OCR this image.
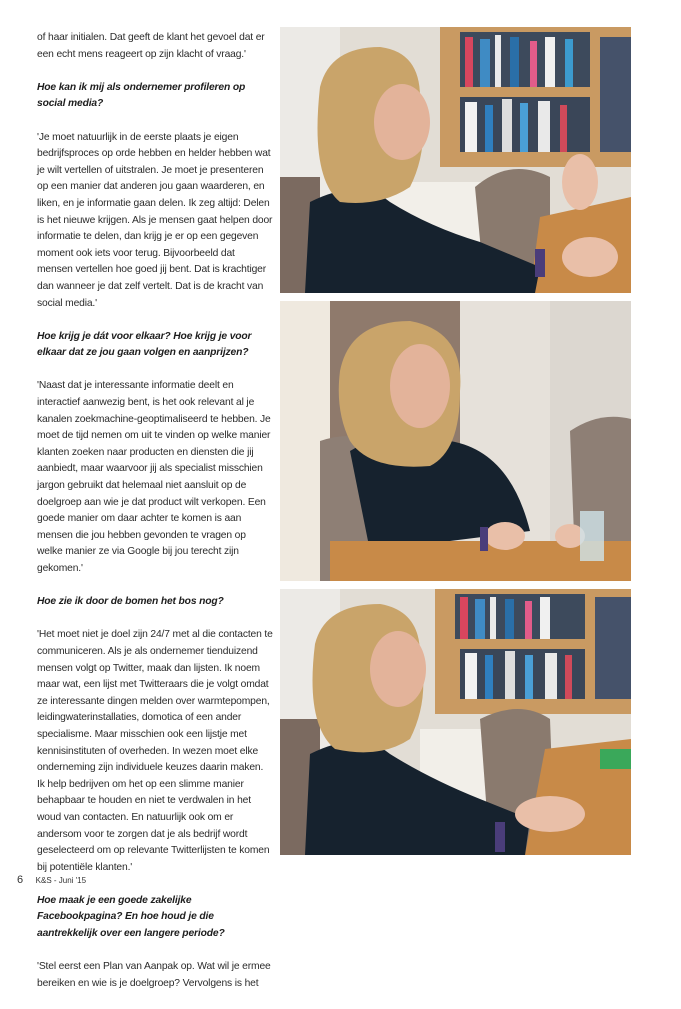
of haar initialen. Dat geeft de klant het gevoel dat er een echt mens reageert op zijn klacht of vraag.'

Hoe kan ik mij als ondernemer profileren op social media?

'Je moet natuurlijk in de eerste plaats je eigen bedrijfsproces op orde hebben en helder hebben wat je wilt vertellen of uitstralen. Je moet je presenteren op een manier dat anderen jou gaan waarderen, en liken, en je informatie gaan delen. Ik zeg altijd: Delen is het nieuwe krijgen. Als je mensen gaat helpen door informatie te delen, dan krijg je er op een gegeven moment ook iets voor terug. Bijvoorbeeld dat mensen vertellen hoe goed jij bent. Dat is krachtiger dan wanneer je dat zelf vertelt. Dat is de kracht van social media.'

Hoe krijg je dát voor elkaar? Hoe krijg je voor elkaar dat ze jou gaan volgen en aanprijzen?

'Naast dat je interessante informatie deelt en interactief aanwezig bent, is het ook relevant al je kanalen zoekmachine-geoptimaliseerd te hebben. Je moet de tijd nemen om uit te vinden op welke manier klanten zoeken naar producten en diensten die jij aanbiedt, maar waarvoor jij als specialist misschien jargon gebruikt dat helemaal niet aansluit op de doelgroep aan wie je dat product wilt verkopen. Een goede manier om daar achter te komen is aan mensen die jou hebben gevonden te vragen op welke manier ze via Google bij jou terecht zijn gekomen.'

Hoe zie ik door de bomen het bos nog?

'Het moet niet je doel zijn 24/7 met al die contacten te communiceren. Als je als ondernemer tienduizend mensen volgt op Twitter, maak dan lijsten. Ik noem maar wat, een lijst met Twitteraars die je volgt omdat ze interessante dingen melden over warmtepompen, leidingwaterinstallaties, domotica of een ander specialisme. Maar misschien ook een lijstje met kennisinstituten of overheden. In wezen moet elke onderneming zijn individuele keuzes daarin maken. Ik help bedrijven om het op een slimme manier behapbaar te houden en niet te verdwalen in het woud van contacten. En natuurlijk ook om er andersom voor te zorgen dat je als bedrijf wordt geselecteerd om op relevante Twitterlijsten te komen bij potentiële klanten.'

Hoe maak je een goede zakelijke Facebookpagina? En hoe houd je die aantrekkelijk over een langere periode?

'Stel eerst een Plan van Aanpak op. Wat wil je ermee bereiken en wie is je doelgroep? Vervolgens is het

6 K&S - Juni '15
